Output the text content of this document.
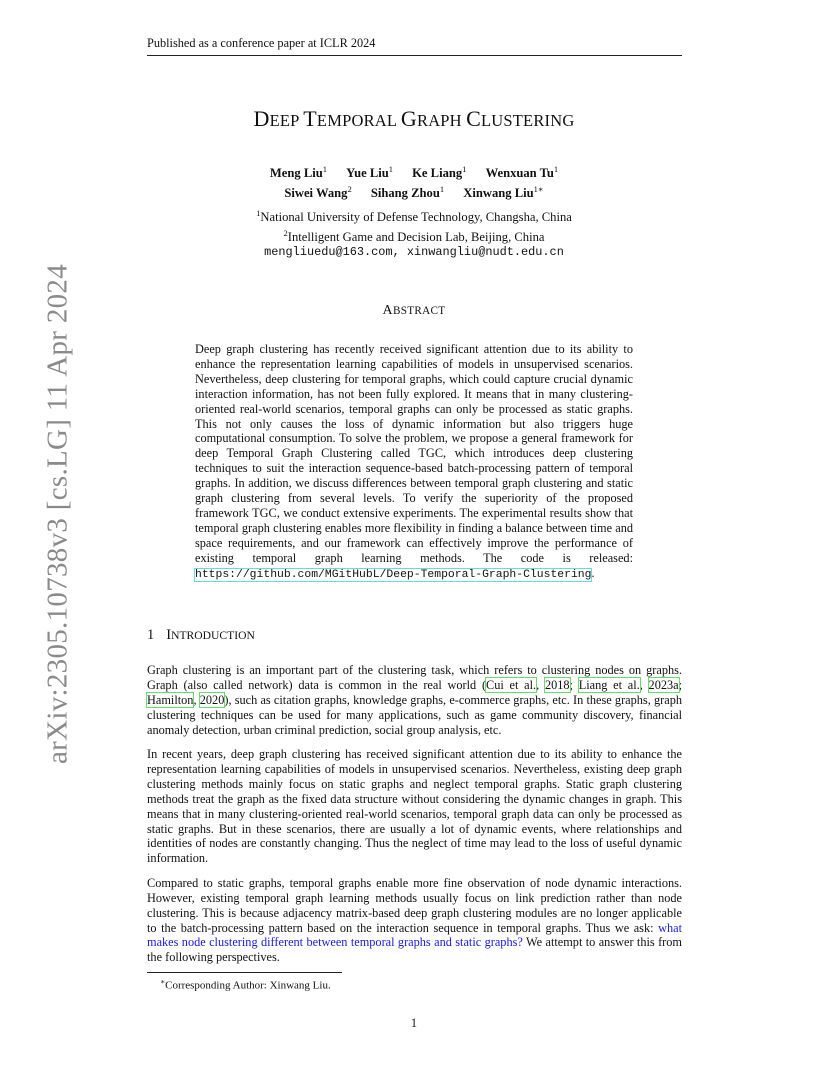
Published as a conference paper at ICLR 2024
arXiv:2305.10738v3 [cs.LG] 11 Apr 2024
DEEP TEMPORAL GRAPH CLUSTERING
Meng Liu$^1$ Yue Liu$^1$ Ke Liang$^1$ Wenxuan Tu$^1$
Siwei Wang$^2$ Sihang Zhou$^1$ Xinwang Liu$^{1∗}$
$^1$National University of Defense Technology, Changsha, China
$^2$Intelligent Game and Decision Lab, Beijing, China
mengliuedu@163.com, xinwangliu@nudt.edu.cn
ABSTRACT
Deep graph clustering has recently received significant attention due to its ability to enhance the representation learning capabilities of models in unsupervised scenarios. Nevertheless, deep clustering for temporal graphs, which could capture crucial dynamic interaction information, has not been fully explored. It means that in many clustering-oriented real-world scenarios, temporal graphs can only be processed as static graphs. This not only causes the loss of dynamic information but also triggers huge computational consumption. To solve the problem, we propose a general framework for deep Temporal Graph Clustering called TGC, which introduces deep clustering techniques to suit the interaction sequence-based batch-processing pattern of temporal graphs. In addition, we discuss differences between temporal graph clustering and static graph clustering from several levels. To verify the superiority of the proposed framework TGC, we conduct extensive experiments. The experimental results show that temporal graph clustering enables more flexibility in finding a balance between time and space requirements, and our framework can effectively improve the performance of existing temporal graph learning methods. The code is released: https://github.com/MGitHubL/Deep-Temporal-Graph-Clustering.
1 INTRODUCTION

Graph clustering is an important part of the clustering task, which refers to clustering nodes on graphs. Graph (also called network) data is common in the real world (Cui et al., 2018; Liang et al., 2023a; Hamilton, 2020), such as citation graphs, knowledge graphs, e-commerce graphs, etc. In these graphs, graph clustering techniques can be used for many applications, such as game community discovery, financial anomaly detection, urban criminal prediction, social group analysis, etc.

In recent years, deep graph clustering has received significant attention due to its ability to enhance the representation learning capabilities of models in unsupervised scenarios. Nevertheless, existing deep graph clustering methods mainly focus on static graphs and neglect temporal graphs. Static graph clustering methods treat the graph as the fixed data structure without considering the dynamic changes in graph. This means that in many clustering-oriented real-world scenarios, temporal graph data can only be processed as static graphs. But in these scenarios, there are usually a lot of dynamic events, where relationships and identities of nodes are constantly changing. Thus the neglect of time may lead to the loss of useful dynamic information.

Compared to static graphs, temporal graphs enable more fine observation of node dynamic interactions. However, existing temporal graph learning methods usually focus on link prediction rather than node clustering. This is because adjacency matrix-based deep graph clustering modules are no longer applicable to the batch-processing pattern based on the interaction sequence in temporal graphs. Thus we ask: what makes node clustering different between temporal graphs and static graphs? We attempt to answer this from the following perspectives.

∗Corresponding Author: Xinwang Liu.
1
